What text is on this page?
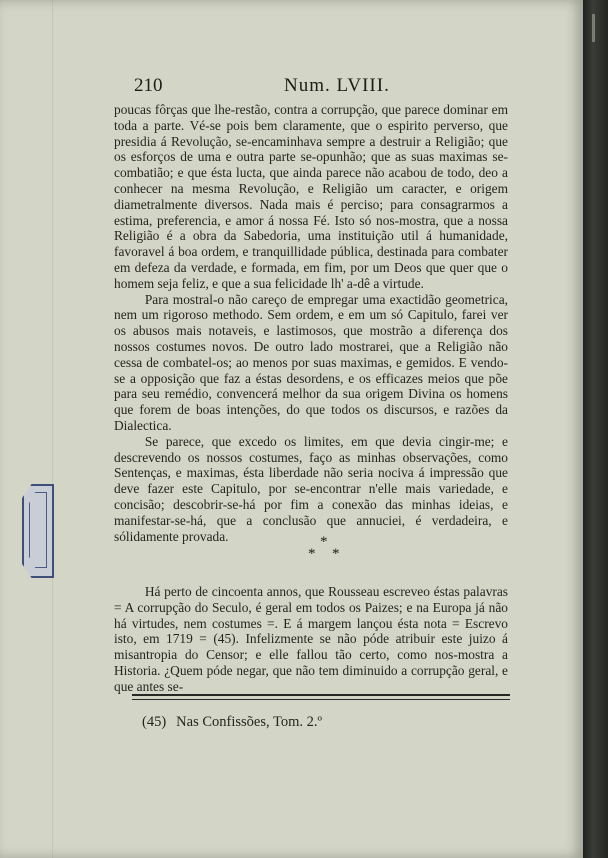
210	Num. LVIII.

poucas fôrças que lhe-restão, contra a corrupção, que parece dominar em toda a parte. Vé-se pois bem claramente, que o espirito perverso, que presidia á Revolução, se-encaminhava sempre a destruir a Religião; que os esforços de uma e outra parte se-opunhão; que as suas maximas se-combatião; e que ésta lucta, que ainda parece não acabou de todo, deo a conhecer na mesma Revolução, e Religião um caracter, e origem diametralmente diversos. Nada mais é perciso; para consagrarmos a estima, preferencia, e amor á nossa Fé. Isto só nos-mostra, que a nossa Religião é a obra da Sabedoria, uma instituição util á humanidade, favoravel á boa ordem, e tranquillidade pública, destinada para combater em defeza da verdade, e formada, em fim, por um Deos que quer que o homem seja feliz, e que a sua felicidade lh' a-dê a virtude.

Para mostral-o não careço de empregar uma exactidão geometrica, nem um rigoroso methodo. Sem ordem, e em um só Capitulo, farei ver os abusos mais notaveis, e lastimosos, que mostrão a diferença dos nossos costumes novos. De outro lado mostrarei, que a Religião não cessa de combatel-os; ao menos por suas maximas, e gemidos. E vendo-se a opposição que faz a éstas desordens, e os efficazes meios que põe para seu remédio, convencerá melhor da sua origem Divina os homens que forem de boas intenções, do que todos os discursos, e razões da Dialectica.

Se parece, que excedo os limites, em que devia cingir-me; e descrevendo os nossos costumes, faço as minhas observações, como Sentenças, e maximas, ésta liberdade não seria nociva á impressão que deve fazer este Capitulo, por se-encontrar n'elle mais variedade, e concisão; descobrir-se-há por fim a conexão das minhas ideias, e manifestar-se-há, que a conclusão que annuciei, é verdadeira, e sólidamente provada.	*
* *

Há perto de cincoenta annos, que Rousseau escreveo éstas palavras = A corrupção do Seculo, é geral em todos os Paizes; e na Europa já não há virtudes, nem costumes =. E á margem lançou ésta nota = Escrevo isto, em 1719 = (45). Infelizmente se não póde atribuir este juizo á misantropia do Censor; e elle fallou tão certo, como nos-mostra a Historia. ¿Quem póde negar, que não tem diminuido a corrupção geral, e que antes se-

(45) Nas Confissões, Tom. 2.º
